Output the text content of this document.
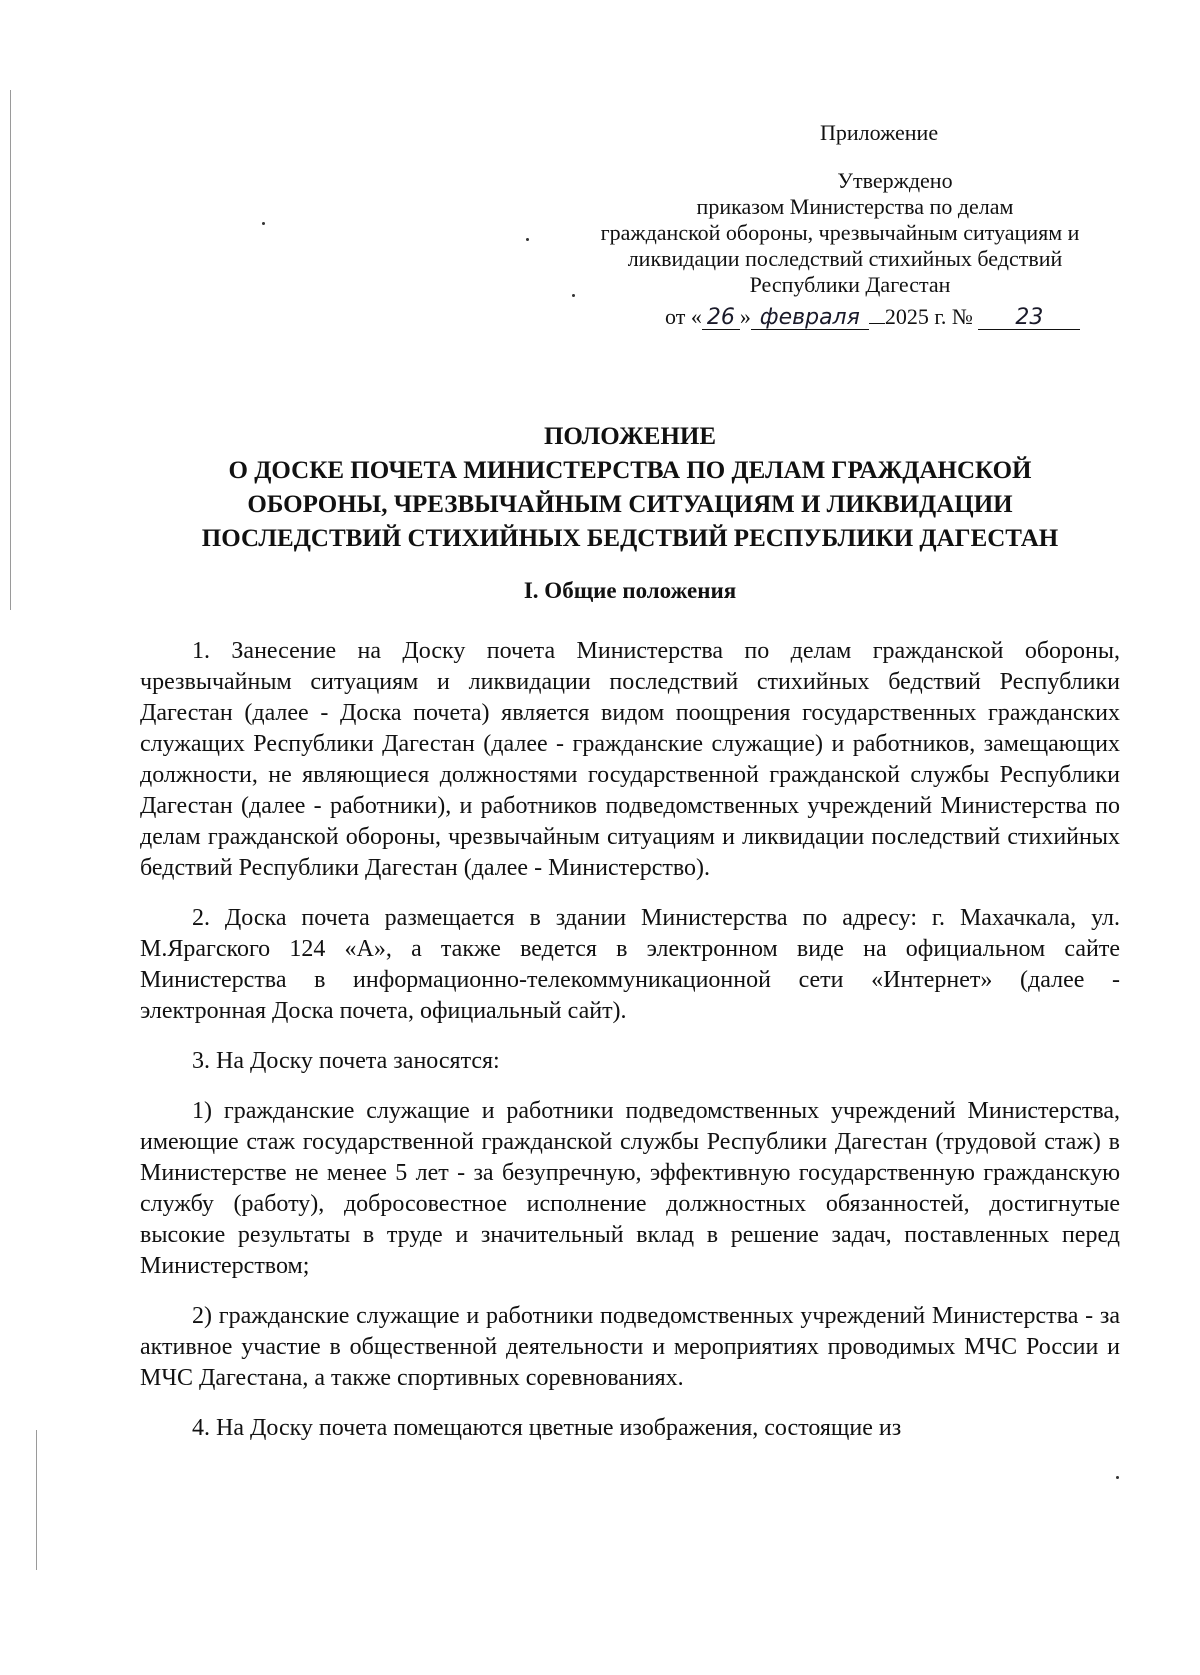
Приложение
Утверждено
приказом Министерства по делам
гражданской обороны, чрезвычайным ситуациям и
ликвидации последствий стихийных бедствий
Республики Дагестан
от « 26 » февраля 2025 г. № 23
ПОЛОЖЕНИЕ
О ДОСКЕ ПОЧЕТА МИНИСТЕРСТВА ПО ДЕЛАМ ГРАЖДАНСКОЙ
ОБОРОНЫ, ЧРЕЗВЫЧАЙНЫМ СИТУАЦИЯМ И ЛИКВИДАЦИИ
ПОСЛЕДСТВИЙ СТИХИЙНЫХ БЕДСТВИЙ РЕСПУБЛИКИ ДАГЕСТАН
I. Общие положения

1. Занесение на Доску почета Министерства по делам гражданской обороны, чрезвычайным ситуациям и ликвидации последствий стихийных бедствий Республики Дагестан (далее - Доска почета) является видом поощрения государственных гражданских служащих Республики Дагестан (далее - гражданские служащие) и работников, замещающих должности, не являющиеся должностями государственной гражданской службы Республики Дагестан (далее - работники), и работников подведомственных учреждений Министерства по делам гражданской обороны, чрезвычайным ситуациям и ликвидации последствий стихийных бедствий Республики Дагестан (далее - Министерство).

2. Доска почета размещается в здании Министерства по адресу: г. Махачкала, ул. М.Ярагского 124 «А», а также ведется в электронном виде на официальном сайте Министерства в информационно-телекоммуникационной сети «Интернет» (далее - электронная Доска почета, официальный сайт).

3. На Доску почета заносятся:

1) гражданские служащие и работники подведомственных учреждений Министерства, имеющие стаж государственной гражданской службы Республики Дагестан (трудовой стаж) в Министерстве не менее 5 лет - за безупречную, эффективную государственную гражданскую службу (работу), добросовестное исполнение должностных обязанностей, достигнутые высокие результаты в труде и значительный вклад в решение задач, поставленных перед Министерством;

2) гражданские служащие и работники подведомственных учреждений Министерства - за активное участие в общественной деятельности и мероприятиях проводимых МЧС России и МЧС Дагестана, а также спортивных соревнованиях.

4. На Доску почета помещаются цветные изображения, состоящие из
